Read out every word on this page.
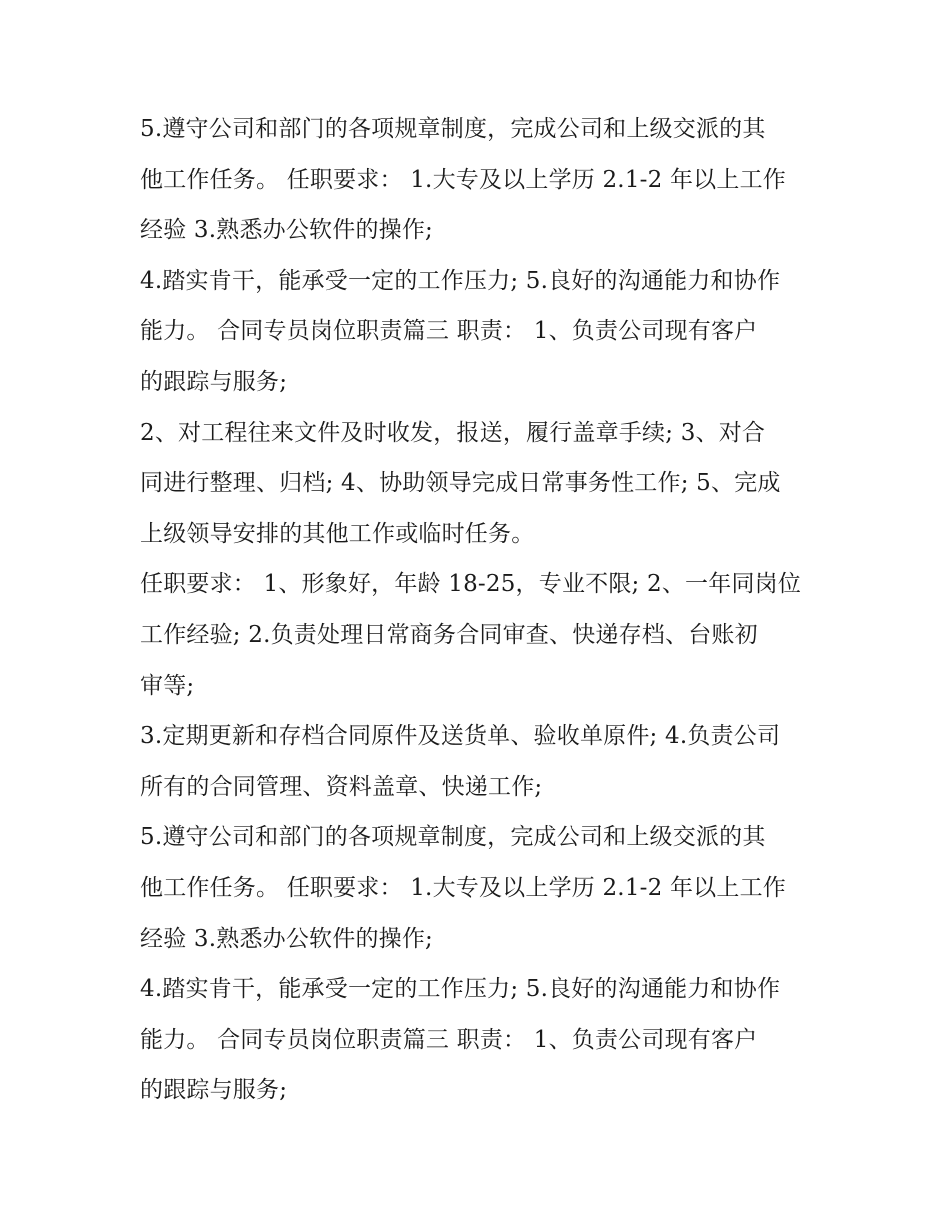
5.遵守公司和部门的各项规章制度，完成公司和上级交派的其
他工作任务。 任职要求： 1.大专及以上学历 2.1-2 年以上工作
经验 3.熟悉办公软件的操作;
4.踏实肯干，能承受一定的工作压力; 5.良好的沟通能力和协作
能力。 合同专员岗位职责篇三 职责： 1、负责公司现有客户
的跟踪与服务;
2、对工程往来文件及时收发，报送，履行盖章手续; 3、对合
同进行整理、归档; 4、协助领导完成日常事务性工作; 5、完成
上级领导安排的其他工作或临时任务。
任职要求： 1、形象好，年龄 18-25，专业不限; 2、一年同岗位
工作经验; 2.负责处理日常商务合同审查、快递存档、台账初
审等;
3.定期更新和存档合同原件及送货单、验收单原件; 4.负责公司
所有的合同管理、资料盖章、快递工作;
5.遵守公司和部门的各项规章制度，完成公司和上级交派的其
他工作任务。 任职要求： 1.大专及以上学历 2.1-2 年以上工作
经验 3.熟悉办公软件的操作;
4.踏实肯干，能承受一定的工作压力; 5.良好的沟通能力和协作
能力。 合同专员岗位职责篇三 职责： 1、负责公司现有客户
的跟踪与服务;
